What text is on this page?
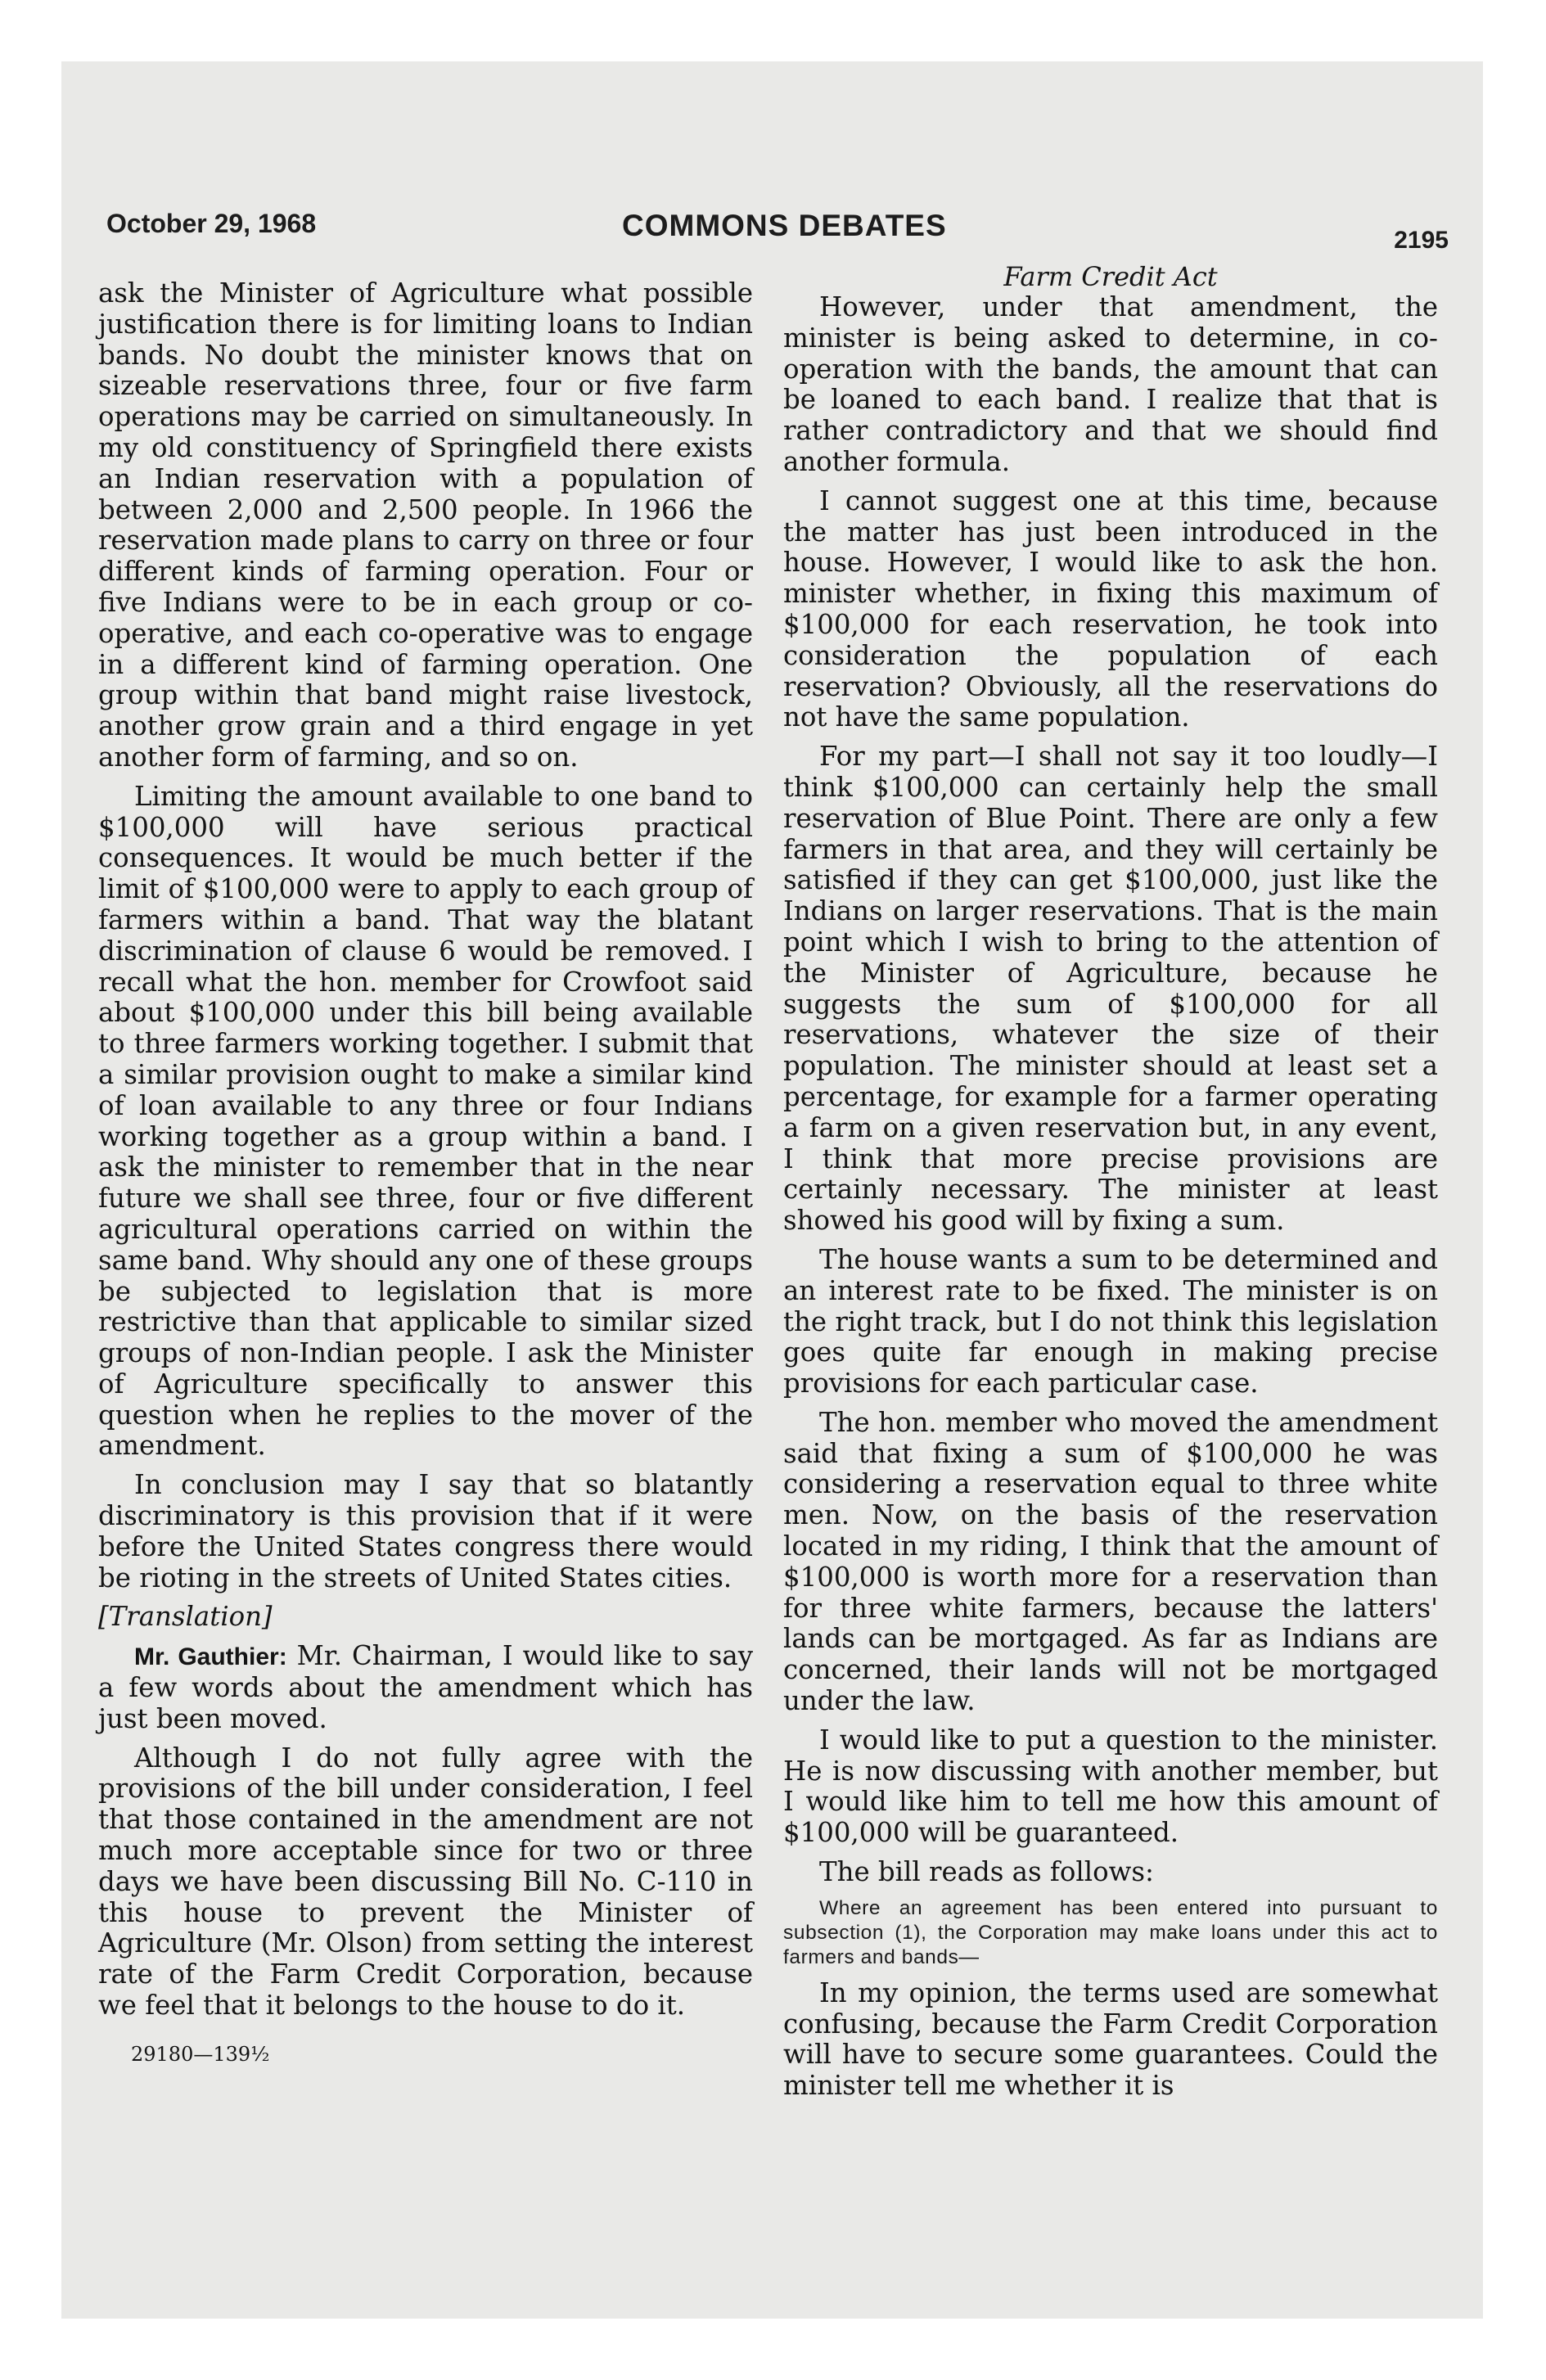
October 29, 1968	COMMONS DEBATES	2195

ask the Minister of Agriculture what possible justification there is for limiting loans to Indian bands. No doubt the minister knows that on sizeable reservations three, four or five farm operations may be carried on simultaneously. In my old constituency of Springfield there exists an Indian reservation with a population of between 2,000 and 2,500 people. In 1966 the reservation made plans to carry on three or four different kinds of farming operation. Four or five Indians were to be in each group or co-operative, and each co-operative was to engage in a different kind of farming operation. One group within that band might raise livestock, another grow grain and a third engage in yet another form of farming, and so on.

Limiting the amount available to one band to $100,000 will have serious practical consequences. It would be much better if the limit of $100,000 were to apply to each group of farmers within a band. That way the blatant discrimination of clause 6 would be removed. I recall what the hon. member for Crowfoot said about $100,000 under this bill being available to three farmers working together. I submit that a similar provision ought to make a similar kind of loan available to any three or four Indians working together as a group within a band. I ask the minister to remember that in the near future we shall see three, four or five different agricultural operations carried on within the same band. Why should any one of these groups be subjected to legislation that is more restrictive than that applicable to similar sized groups of non-Indian people. I ask the Minister of Agriculture specifically to answer this question when he replies to the mover of the amendment.

In conclusion may I say that so blatantly discriminatory is this provision that if it were before the United States congress there would be rioting in the streets of United States cities.

[Translation]

Mr. Gauthier: Mr. Chairman, I would like to say a few words about the amendment which has just been moved.

Although I do not fully agree with the provisions of the bill under consideration, I feel that those contained in the amendment are not much more acceptable since for two or three days we have been discussing Bill No. C-110 in this house to prevent the Minister of Agriculture (Mr. Olson) from setting the interest rate of the Farm Credit Corporation, because we feel that it belongs to the house to do it.

29180—139½
Farm Credit Act

However, under that amendment, the minister is being asked to determine, in co-operation with the bands, the amount that can be loaned to each band. I realize that that is rather contradictory and that we should find another formula.

I cannot suggest one at this time, because the matter has just been introduced in the house. However, I would like to ask the hon. minister whether, in fixing this maximum of $100,000 for each reservation, he took into consideration the population of each reservation? Obviously, all the reservations do not have the same population.

For my part—I shall not say it too loudly—I think $100,000 can certainly help the small reservation of Blue Point. There are only a few farmers in that area, and they will certainly be satisfied if they can get $100,000, just like the Indians on larger reservations. That is the main point which I wish to bring to the attention of the Minister of Agriculture, because he suggests the sum of $100,000 for all reservations, whatever the size of their population. The minister should at least set a percentage, for example for a farmer operating a farm on a given reservation but, in any event, I think that more precise provisions are certainly necessary. The minister at least showed his good will by fixing a sum.

The house wants a sum to be determined and an interest rate to be fixed. The minister is on the right track, but I do not think this legislation goes quite far enough in making precise provisions for each particular case.

The hon. member who moved the amendment said that fixing a sum of $100,000 he was considering a reservation equal to three white men. Now, on the basis of the reservation located in my riding, I think that the amount of $100,000 is worth more for a reservation than for three white farmers, because the latters' lands can be mortgaged. As far as Indians are concerned, their lands will not be mortgaged under the law.

I would like to put a question to the minister. He is now discussing with another member, but I would like him to tell me how this amount of $100,000 will be guaranteed.

The bill reads as follows:

Where an agreement has been entered into pursuant to subsection (1), the Corporation may make loans under this act to farmers and bands—

In my opinion, the terms used are somewhat confusing, because the Farm Credit Corporation will have to secure some guarantees. Could the minister tell me whether it is
